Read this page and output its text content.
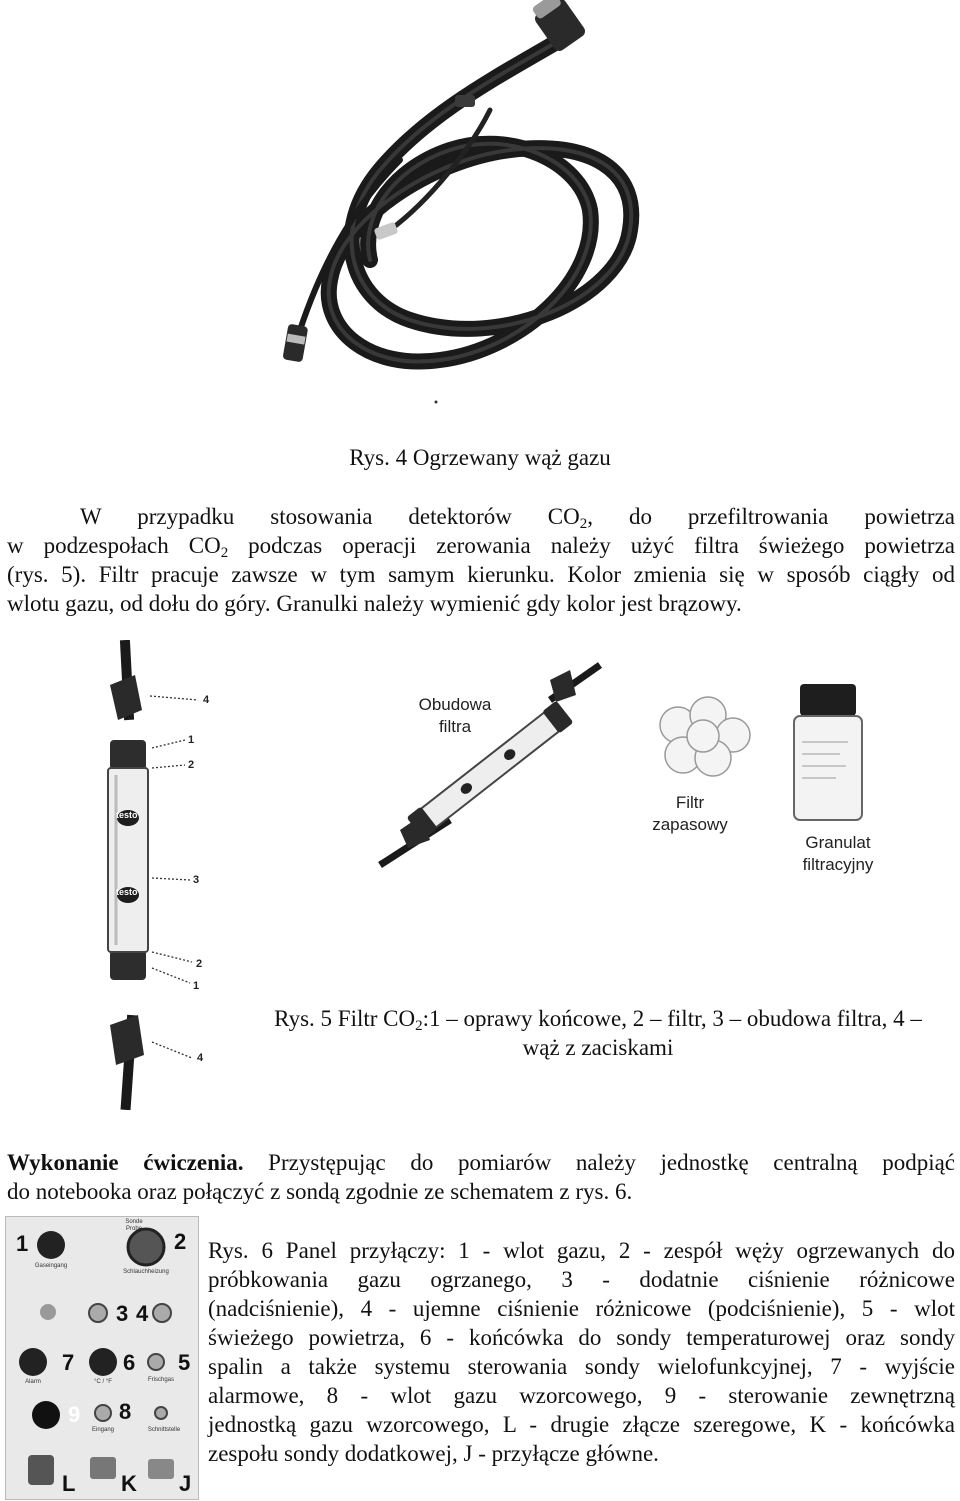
Rys. 4 Ogrzewany wąż gazu

W przypadku stosowania detektorów $CO_2$, do przefiltrowania powietrza

w podzespołach $CO_2$ podczas operacji zerowania należy użyć filtra świeżego powietrza

(rys. 5). Filtr pracuje zawsze w tym samym kierunku. Kolor zmienia się w sposób ciągły od

wlotu gazu, od dołu do góry. Granulki należy wymienić gdy kolor jest brązowy.

4
1
2
3
2
1
4
testo
testo
Obudowa
filtra
Filtr
zapasowy
Granulat
filtracyjny
Rys. 5 Filtr $CO_2:1$ – oprawy końcowe, 2 – filtr, 3 – obudowa filtra, 4 –
wąż z zaciskami
Wykonanie ćwiczenia. Przystępując do pomiarów należy jednostkę centralną podpiąć
do notebooka oraz połączyć z sondą zgodnie ze schematem z rys. 6.
1	2
3 4
7 6 5
9 8
L K J
Sonde
Probe
Gaseingang
Schlauchheizung
Frischgas
Alarm	°C / °F
Eingang	Schnittstelle
Rys. 6 Panel przyłączy: 1 - wlot gazu, 2 - zespół węży ogrzewanych do
próbkowania gazu ogrzanego, 3 - dodatnie ciśnienie różnicowe
(nadciśnienie), 4 - ujemne ciśnienie różnicowe (podciśnienie), 5 - wlot
świeżego powietrza, 6 - końcówka do sondy temperaturowej oraz sondy
spalin a także systemu sterowania sondy wielofunkcyjnej, 7 - wyjście
alarmowe, 8 - wlot gazu wzorcowego, 9 - sterowanie zewnętrzną
jednostką gazu wzorcowego, L - drugie złącze szeregowe, K - końcówka
zespołu sondy dodatkowej, J - przyłącze główne.
